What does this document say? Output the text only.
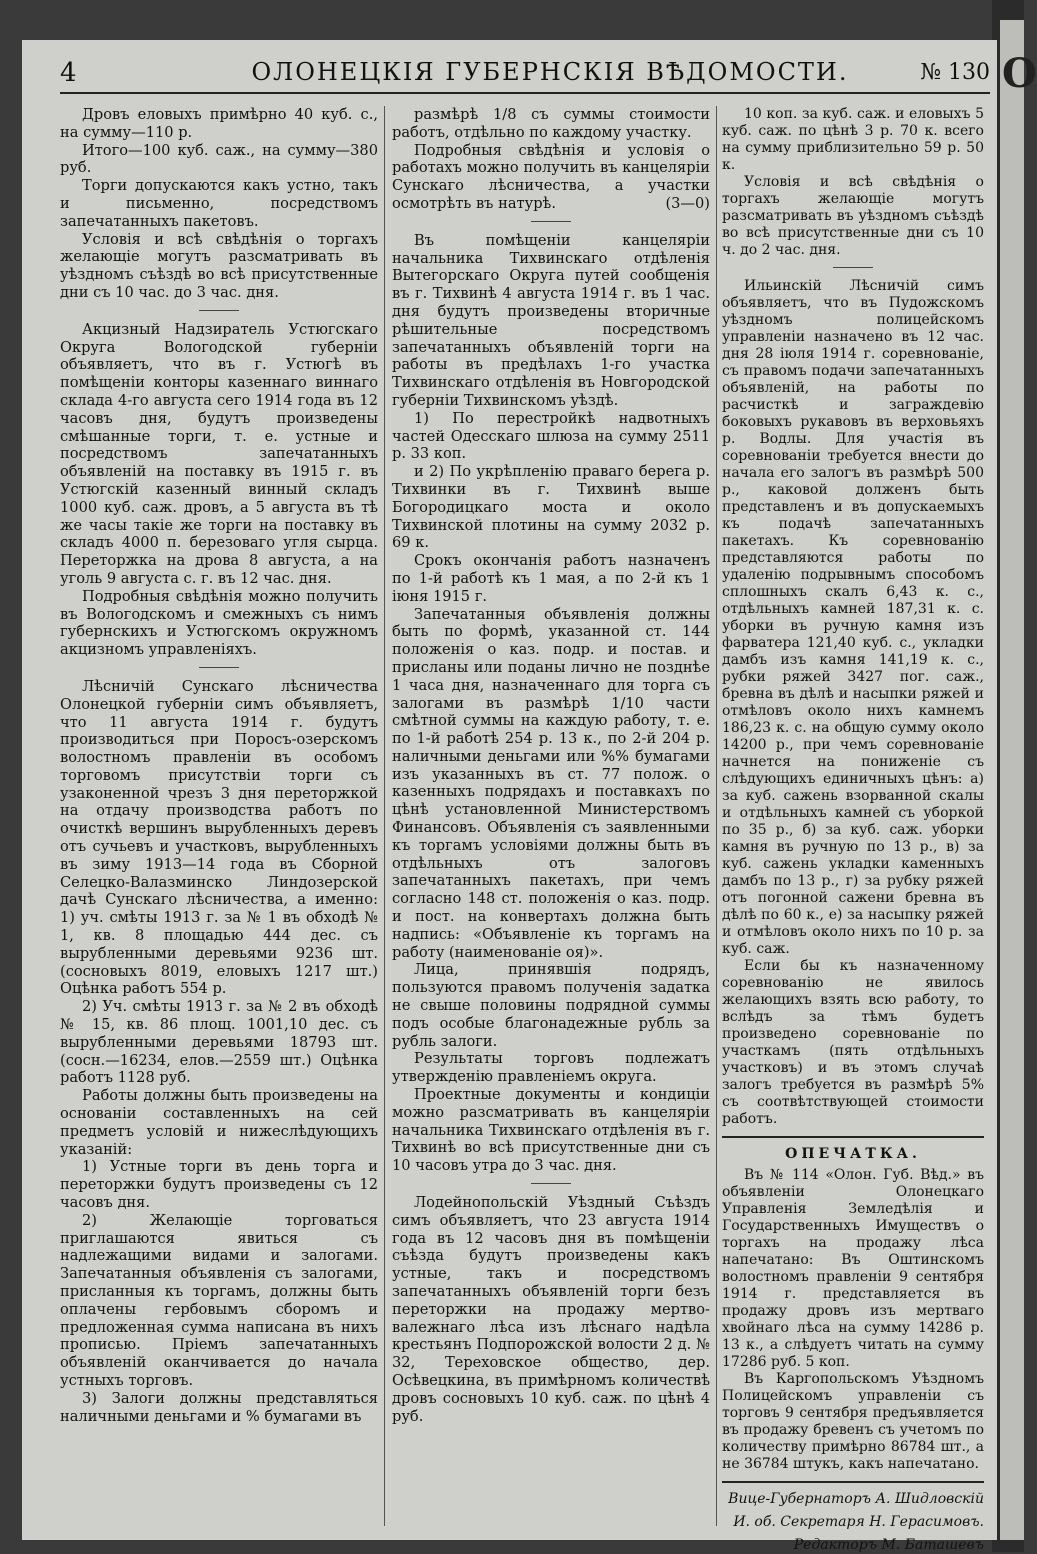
О
4	ОЛОНЕЦКІЯ ГУБЕРНСКІЯ ВѢДОМОСТИ.	№ 130

Дровъ еловыхъ примѣрно 40 куб. с., на сумму—110 р.

Итого—100 куб. саж., на сумму—380 руб.

Торги допускаются какъ устно, такъ и письменно, посредствомъ запечатанныхъ пакетовъ.

Условія и всѣ свѣдѣнія о торгахъ желающіе могутъ разсматривать въ уѣздномъ съѣздѣ во всѣ присутственные дни съ 10 час. до 3 час. дня.

Акцизный Надзиратель Устюгскаго Округа Вологодской губерніи объявляетъ, что въ г. Устюгѣ въ помѣщеніи конторы казеннаго виннаго склада 4-го августа сего 1914 года въ 12 часовъ дня, будутъ произведены смѣшанные торги, т. е. устные и посредствомъ запечатанныхъ объявленій на поставку въ 1915 г. въ Устюгскій казенный винный складъ 1000 куб. саж. дровъ, а 5 августа въ тѣ же часы такіе же торги на поставку въ складъ 4000 п. березоваго угля сырца. Переторжка на дрова 8 августа, а на уголь 9 августа с. г. въ 12 час. дня.

Подробныя свѣдѣнія можно получить въ Вологодскомъ и смежныхъ съ нимъ губернскихъ и Устюгскомъ окружномъ акцизномъ управленіяхъ.

Лѣсничій Сунскаго лѣсничества Олонецкой губерніи симъ объявляетъ, что 11 августа 1914 г. будутъ производиться при Поросъ-озерскомъ волостномъ правленіи въ особомъ торговомъ присутствіи торги съ узаконенной чрезъ 3 дня переторжкой на отдачу производства работъ по очисткѣ вершинъ вырубленныхъ деревъ отъ сучьевъ и участковъ, вырубленныхъ въ зиму 1913—14 года въ Сборной Селецко-Валазминско Линдозерской дачѣ Сунскаго лѣсничества, а именно: 1) уч. смѣты 1913 г. за № 1 въ обходѣ № 1, кв. 8 площадью 444 дес. съ вырубленными деревьями 9236 шт. (сосновыхъ 8019, еловыхъ 1217 шт.) Оцѣнка работъ 554 р.

2) Уч. смѣты 1913 г. за № 2 въ обходѣ № 15, кв. 86 площ. 1001,10 дес. съ вырубленными деревьями 18793 шт. (сосн.—16234, елов.—2559 шт.) Оцѣнка работъ 1128 руб.

Работы должны быть произведены на основаніи составленныхъ на сей предметъ условій и нижеслѣдующихъ указаній:

1) Устные торги въ день торга и переторжки будутъ произведены съ 12 часовъ дня.

2) Желающіе торговаться приглашаются явиться съ надлежащими видами и залогами. Запечатанныя объявленія съ залогами, присланныя къ торгамъ, должны быть оплачены гербовымъ сборомъ и предложенная сумма написана въ нихъ прописью. Пріемъ запечатанныхъ объявленій оканчивается до начала устныхъ торговъ.

3) Залоги должны представляться наличными деньгами и % бумагами въ

размѣрѣ 1/8 съ суммы стоимости работъ, отдѣльно по каждому участку.

Подробныя свѣдѣнія и условія о работахъ можно получить въ канцеляріи Сунскаго лѣсничества, а участки осмотрѣть въ натурѣ.	(3—0)

Въ помѣщеніи канцеляріи начальника Тихвинскаго отдѣленія Вытегорскаго Округа путей сообщенія въ г. Тихвинѣ 4 августа 1914 г. въ 1 час. дня будутъ произведены вторичные рѣшительные посредствомъ запечатанныхъ объявленій торги на работы въ предѣлахъ 1-го участка Тихвинскаго отдѣленія въ Новгородской губерніи Тихвинскомъ уѣздѣ.

1) По перестройкѣ надвотныхъ частей Одесскаго шлюза на сумму 2511 р. 33 коп.

и 2) По укрѣпленію праваго берега р. Тихвинки въ г. Тихвинѣ выше Богородицкаго моста и около Тихвинской плотины на сумму 2032 р. 69 к.

Срокъ окончанія работъ назначенъ по 1-й работѣ къ 1 мая, а по 2-й къ 1 іюня 1915 г.

Запечатанныя объявленія должны быть по формѣ, указанной ст. 144 положенія о каз. подр. и постав. и присланы или поданы лично не позднѣе 1 часа дня, назначеннаго для торга съ залогами въ размѣрѣ 1/10 части смѣтной суммы на каждую работу, т. е. по 1-й работѣ 254 р. 13 к., по 2-й 204 р. наличными деньгами или %% бумагами изъ указанныхъ въ ст. 77 полож. о казенныхъ подрядахъ и поставкахъ по цѣнѣ установленной Министерствомъ Финансовъ. Объявленія съ заявленными къ торгамъ условіями должны быть въ отдѣльныхъ отъ залоговъ запечатанныхъ пакетахъ, при чемъ согласно 148 ст. положенія о каз. подр. и пост. на конвертахъ должна быть надпись: «Объявленіе къ торгамъ на работу (наименованіе оя)».

Лица, принявшія подрядъ, пользуются правомъ полученія задатка не свыше половины подрядной суммы подъ особые благонадежные рубль за рубль залоги.

Результаты торговъ подлежатъ утвержденію правленіемъ округа.

Проектные документы и кондиціи можно разсматривать въ канцеляріи начальника Тихвинскаго отдѣленія въ г. Тихвинѣ во всѣ присутственные дни съ 10 часовъ утра до 3 час. дня.

Лодейнопольскій Уѣздный Съѣздъ симъ объявляетъ, что 23 августа 1914 года въ 12 часовъ дня въ помѣщеніи съѣзда будутъ произведены какъ устные, такъ и посредствомъ запечатанныхъ объявленій торги безъ переторжки на продажу мертво-валежнаго лѣса изъ лѣснаго надѣла крестьянъ Подпорожской волости 2 д. № 32, Тереховское общество, дер. Осѣвецкина, въ примѣрномъ количествѣ дровъ сосновыхъ 10 куб. саж. по цѣнѣ 4 руб.

10 коп. за куб. саж. и еловыхъ 5 куб. саж. по цѣнѣ 3 р. 70 к. всего на сумму приблизительно 59 р. 50 к.

Условія и всѣ свѣдѣнія о торгахъ желающіе могутъ разсматривать въ уѣздномъ съѣздѣ во всѣ присутственные дни съ 10 ч. до 2 час. дня.

Ильинскій Лѣсничій симъ объявляетъ, что въ Пудожскомъ уѣздномъ полицейскомъ управленіи назначено въ 12 час. дня 28 іюля 1914 г. соревнованіе, съ правомъ подачи запечатанныхъ объявленій, на работы по расчисткѣ и заграждевію боковыхъ рукавовъ въ верховьяхъ р. Водлы. Для участія въ соревнованіи требуется внести до начала его залогъ въ размѣрѣ 500 р., каковой долженъ быть представленъ и въ допускаемыхъ къ подачѣ запечатанныхъ пакетахъ. Къ соревнованію представляются работы по удаленію подрывнымъ способомъ сплошныхъ скалъ 6,43 к. с., отдѣльныхъ камней 187,31 к. с. уборки въ ручную камня изъ фарватера 121,40 куб. с., укладки дамбъ изъ камня 141,19 к. с., рубки ряжей 3427 пог. саж., бревна въ дѣлѣ и насыпки ряжей и отмѣловъ около нихъ камнемъ 186,23 к. с. на общую сумму около 14200 р., при чемъ соревнованіе начнется на пониженіе съ слѣдующихъ единичныхъ цѣнъ: а) за куб. сажень взорванной скалы и отдѣльныхъ камней съ уборкой по 35 р., б) за куб. саж. уборки камня въ ручную по 13 р., в) за куб. сажень укладки каменныхъ дамбъ по 13 р., г) за рубку ряжей отъ погонной сажени бревна въ дѣлѣ по 60 к., е) за насыпку ряжей и отмѣловъ около нихъ по 10 р. за куб. саж.

Если бы къ назначенному соревнованію не явилось желающихъ взять всю работу, то вслѣдъ за тѣмъ будетъ произведено соревнованіе по участкамъ (пять отдѣльныхъ участковъ) и въ этомъ случаѣ залогъ требуется въ размѣрѣ 5% съ соотвѣтствующей стоимости работъ.

ОПЕЧАТКА.

Въ № 114 «Олон. Губ. Вѣд.» въ объявленіи Олонецкаго Управленія Земледѣлія и Государственныхъ Имуществъ о торгахъ на продажу лѣса напечатано: Въ Оштинскомъ волостномъ правленіи 9 сентября 1914 г. представляется въ продажу дровъ изъ мертваго хвойнаго лѣса на сумму 14286 р. 13 к., а слѣдуетъ читать на сумму 17286 руб. 5 коп.

Въ Каргопольскомъ Уѣздномъ Полицейскомъ управленіи съ торговъ 9 сентября предъявляется въ продажу бревенъ съ учетомъ по количеству примѣрно 86784 шт., а не 36784 штукъ, какъ напечатано.

Вице-Губернаторъ А. Шидловскій
И. об. Секретаря Н. Герасимовъ.
Редакторъ М. Баташевъ
